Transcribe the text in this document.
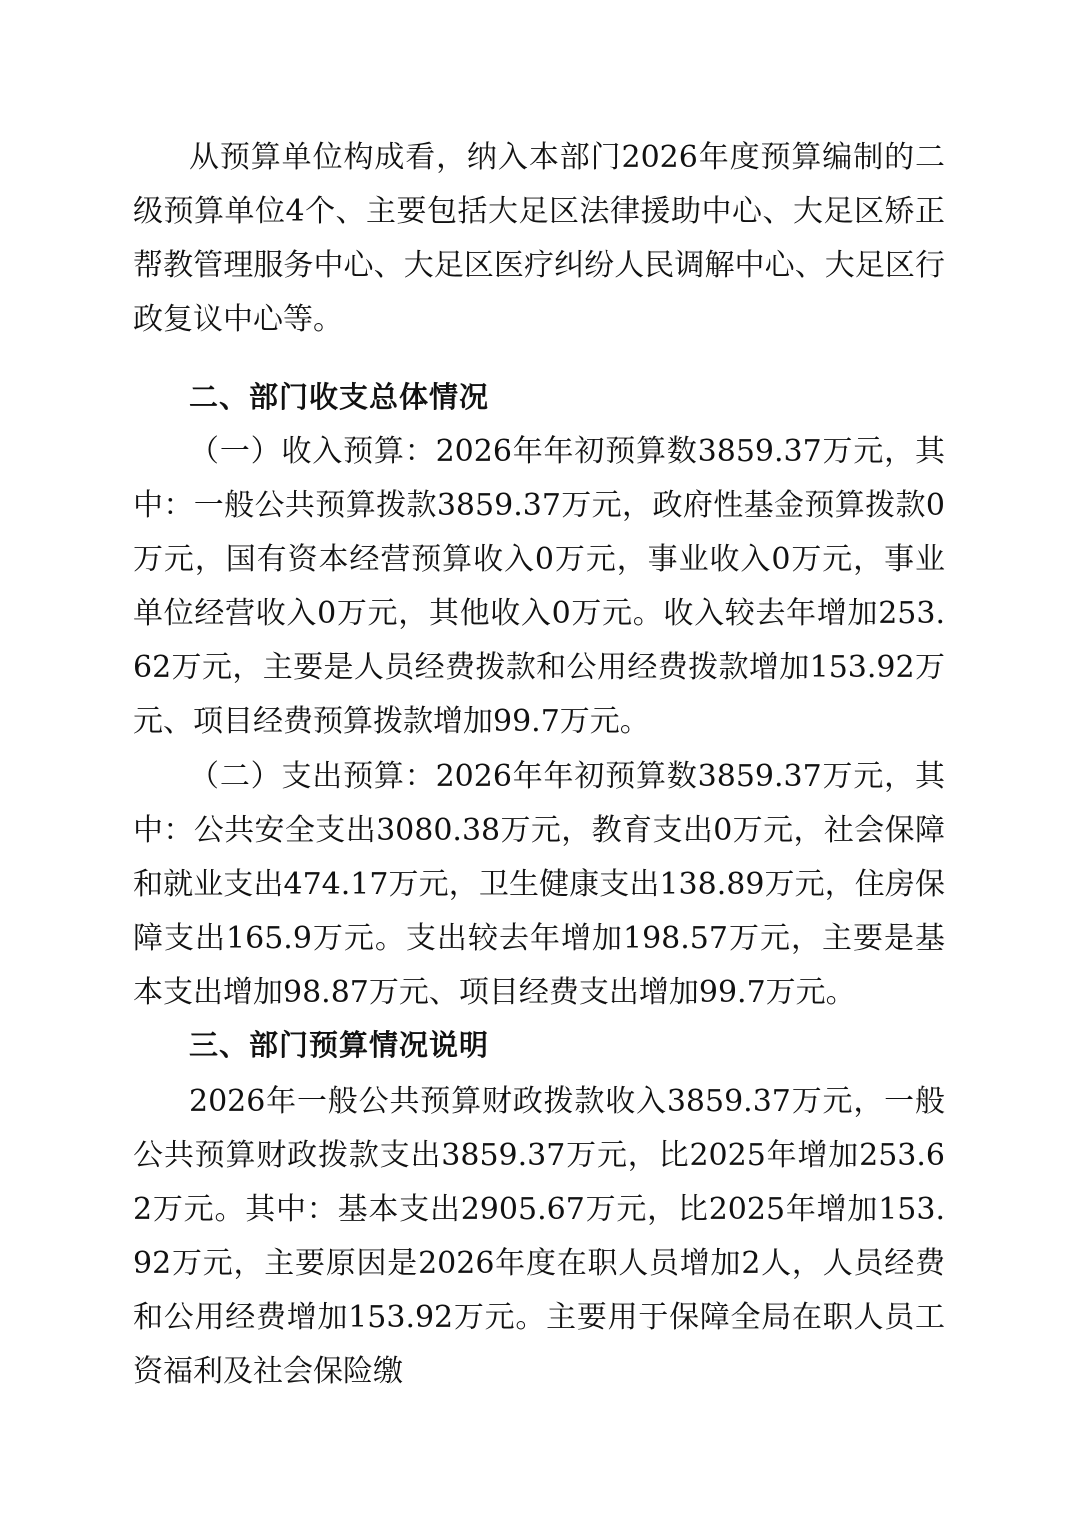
从预算单位构成看，纳入本部门2026年度预算编制的二级预算单位4个、主要包括大足区法律援助中心、大足区矫正帮教管理服务中心、大足区医疗纠纷人民调解中心、大足区行政复议中心等。

二、部门收支总体情况

（一）收入预算：2026年年初预算数3859.37万元，其中：一般公共预算拨款3859.37万元，政府性基金预算拨款0万元，国有资本经营预算收入0万元，事业收入0万元，事业单位经营收入0万元，其他收入0万元。收入较去年增加253.62万元，主要是人员经费拨款和公用经费拨款增加153.92万元、项目经费预算拨款增加99.7万元。

（二）支出预算：2026年年初预算数3859.37万元，其中：公共安全支出3080.38万元，教育支出0万元，社会保障和就业支出474.17万元，卫生健康支出138.89万元，住房保障支出165.9万元。支出较去年增加198.57万元，主要是基本支出增加98.87万元、项目经费支出增加99.7万元。

三、部门预算情况说明

2026年一般公共预算财政拨款收入3859.37万元，一般公共预算财政拨款支出3859.37万元，比2025年增加253.62万元。其中：基本支出2905.67万元，比2025年增加153.92万元，主要原因是2026年度在职人员增加2人，人员经费和公用经费增加153.92万元。主要用于保障全局在职人员工资福利及社会保险缴
